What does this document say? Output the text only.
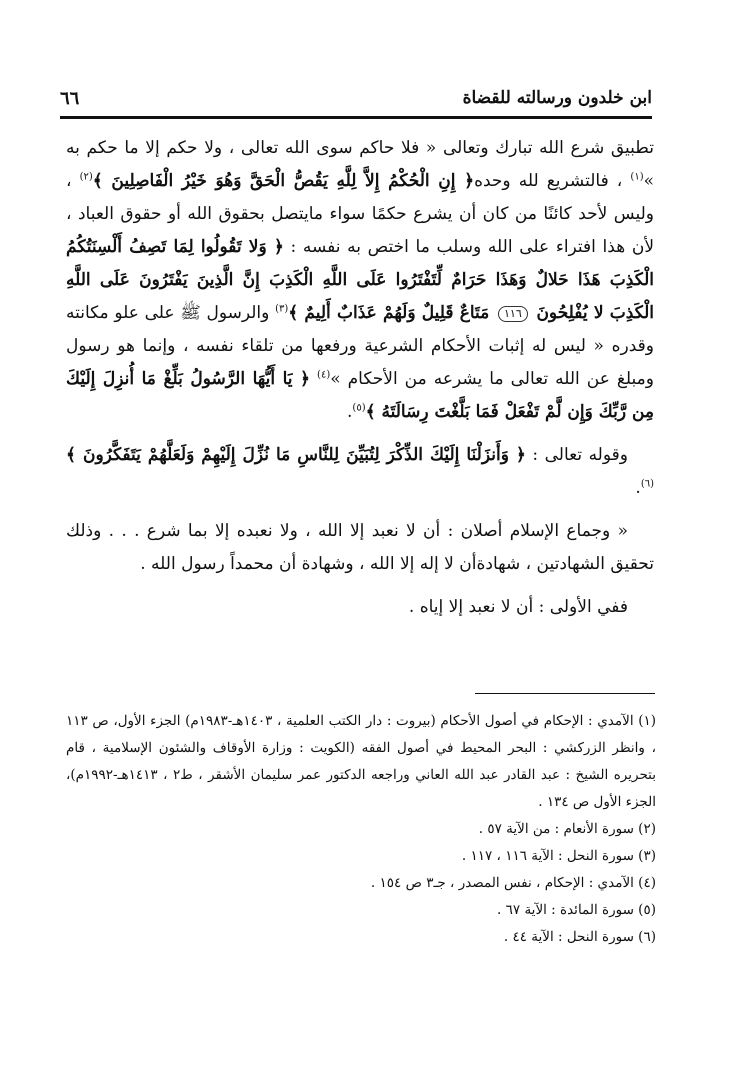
ابن خلدون ورسالته للقضاة
٦٦

تطبيق شرع الله تبارك وتعالى « فلا حاكم سوى الله تعالى ، ولا حكم إلا ما حكم به »$^{(١)}$ ، فالتشريع لله وحده﴿ إِنِ الْحُكْمُ إِلاَّ لِلَّهِ يَقُصُّ الْحَقَّ وَهُوَ خَيْرُ الْفَاصِلِينَ ﴾$^{(٢)}$ ، وليس لأحد كائنًا من كان أن يشرع حكمًا سواء مايتصل بحقوق الله أو حقوق العباد ، لأن هذا افتراء على الله وسلب ما اختص به نفسه : ﴿ وَلا تَقُولُوا لِمَا تَصِفُ أَلْسِنَتُكُمُ الْكَذِبَ هَذَا حَلالٌ وَهَذَا حَرَامٌ لِّتَفْتَرُوا عَلَى اللَّهِ الْكَذِبَ إِنَّ الَّذِينَ يَفْتَرُونَ عَلَى اللَّهِ الْكَذِبَ لا يُفْلِحُونَ ١١٦ مَتَاعٌ قَلِيلٌ وَلَهُمْ عَذَابٌ أَلِيمٌ ﴾$^{(٣)}$ والرسول ﷺ على علو مكانته وقدره « ليس له إثبات الأحكام الشرعية ورفعها من تلقاء نفسه ، وإنما هو رسول ومبلغ عن الله تعالى ما يشرعه من الأحكام »$^{(٤)}$ ﴿ يَا أَيُّهَا الرَّسُولُ بَلِّغْ مَا أُنزِلَ إِلَيْكَ مِن رَّبِّكَ وَإِن لَّمْ تَفْعَلْ فَمَا بَلَّغْتَ رِسَالَتَهُ ﴾$^{(٥)}$.

وقوله تعالى : ﴿ وَأَنزَلْنَا إِلَيْكَ الذِّكْرَ لِتُبَيِّنَ لِلنَّاسِ مَا نُزِّلَ إِلَيْهِمْ وَلَعَلَّهُمْ يَتَفَكَّرُونَ ﴾$^{(٦)}$.

« وجماع الإسلام أصلان : أن لا نعبد إلا الله ، ولا نعبده إلا بما شرع . . . وذلك تحقيق الشهادتين ، شهادةأن لا إله إلا الله ، وشهادة أن محمداً رسول الله .

ففي الأولى : أن لا نعبد إلا إياه .

(١) الآمدي : الإحكام في أصول الأحكام (بيروت : دار الكتب العلمية ، ١٤٠٣هـ-١٩٨٣م) الجزء الأول، ص ١١٣ ، وانظر الزركشي : البحر المحيط في أصول الفقه (الكويت : وزارة الأوقاف والشئون الإسلامية ، قام بتحريره الشيخ : عبد القادر عبد الله العاني وراجعه الدكتور عمر سليمان الأشقر ، ط٢ ، ١٤١٣هـ-١٩٩٢م)، الجزء الأول ص ١٣٤ .

(٢) سورة الأنعام : من الآية ٥٧ .

(٣) سورة النحل : الآية ١١٦ ، ١١٧ .

(٤) الآمدي : الإحكام ، نفس المصدر ، جـ٣ ص ١٥٤ .

(٥) سورة المائدة : الآية ٦٧ .

(٦) سورة النحل : الآية ٤٤ .
